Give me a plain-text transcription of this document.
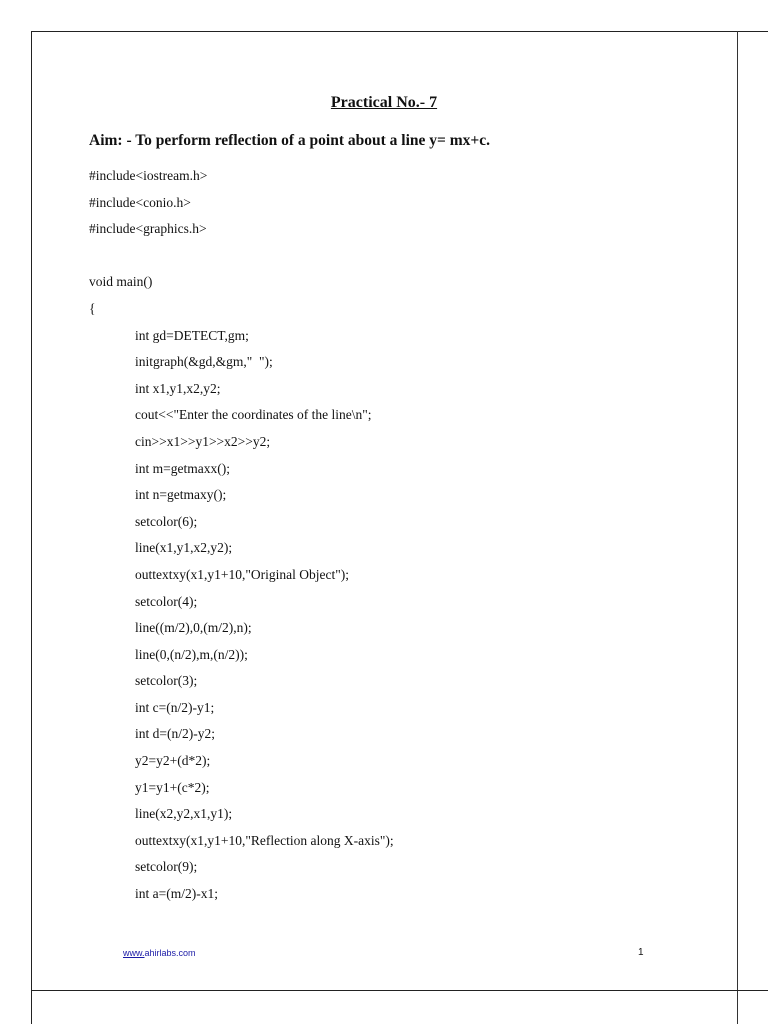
Practical No.- 7
Aim: - To perform reflection of a point about a line y= mx+c.
#include<iostream.h>
#include<conio.h>
#include<graphics.h>
void main()
{
int gd=DETECT,gm;
initgraph(&gd,&gm,"  ");
int x1,y1,x2,y2;
cout<<"Enter the coordinates of the line\n";
cin>>x1>>y1>>x2>>y2;
int m=getmaxx();
int n=getmaxy();
setcolor(6);
line(x1,y1,x2,y2);
outtextxy(x1,y1+10,"Original Object");
setcolor(4);
line((m/2),0,(m/2),n);
line(0,(n/2),m,(n/2));
setcolor(3);
int c=(n/2)-y1;
int d=(n/2)-y2;
y2=y2+(d*2);
y1=y1+(c*2);
line(x2,y2,x1,y1);
outtextxy(x1,y1+10,"Reflection along X-axis");
setcolor(9);
int a=(m/2)-x1;
www.ahirlabs.com	1
